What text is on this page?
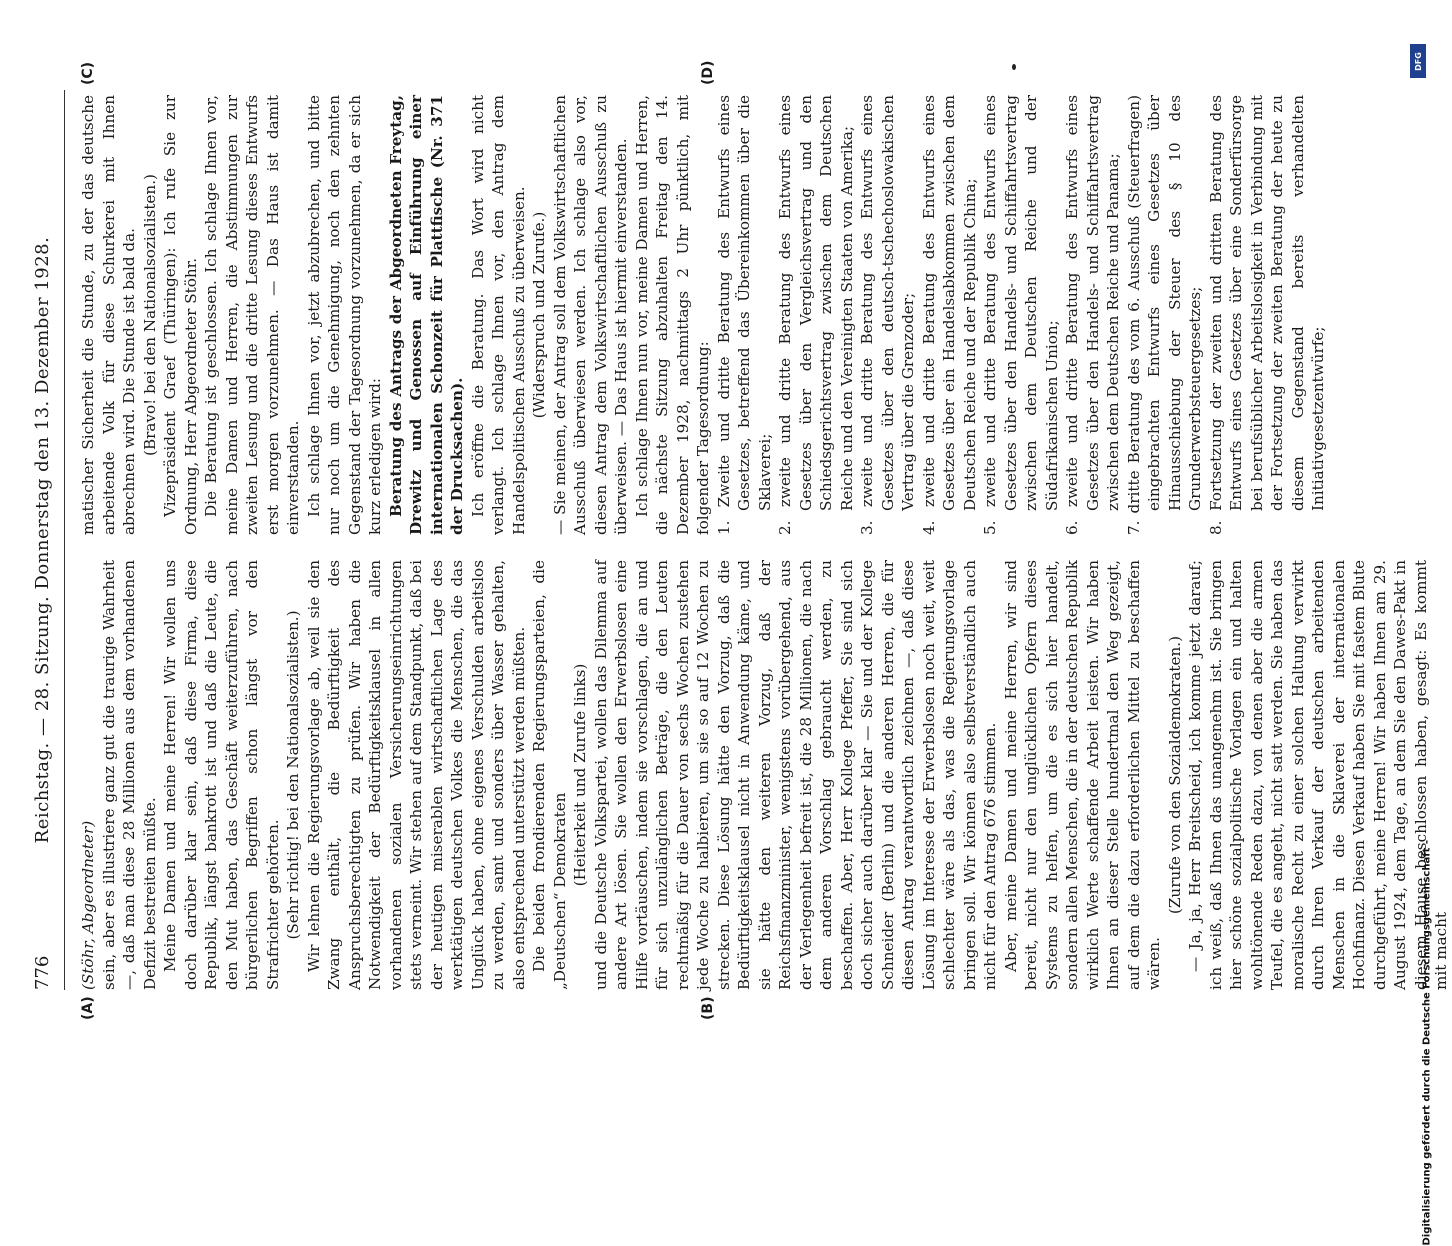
776
Reichstag. — 28. Sitzung. Donnerstag den 13. Dezember 1928.
(A)	(B)
(C)	(D)

(Stöhr, Abgeordneter) sein, aber es illustriere ganz gut die traurige Wahrheit —, daß man diese 28 Millionen aus dem vorhandenen Defizit bestreiten müßte. Meine Damen und meine Herren! Wir wollen uns doch darüber klar sein, daß diese Firma, diese Republik, längst bankrott ist und daß die Leute, die den Mut haben, das Geschäft weiterzuführen, nach bürgerlichen Begriffen schon längst vor den Strafrichter gehörten. (Sehr richtig! bei den Nationalsozialisten.) Wir lehnen die Regierungsvorlage ab, weil sie den Zwang enthält, die Bedürftigkeit des Anspruchsberechtigten zu prüfen. Wir haben die Notwendigkeit der Bedürftigkeitsklausel in allen vorhandenen sozialen Versicherungseinrichtungen stets verneint. Wir stehen auf dem Standpunkt, daß bei der heutigen miserablen wirtschaftlichen Lage des werktätigen deutschen Volkes die Menschen, die das Unglück haben, ohne eigenes Verschulden arbeitslos zu werden, samt und sonders über Wasser gehalten, also entsprechend unterstützt werden müßten. Die beiden frondierenden Regierungsparteien, die „Deutschen“ Demokraten

(Heiterkeit und Zurufe links) und die Deutsche Volkspartei, wollen das Dilemma auf andere Art lösen. Sie wollen den Erwerbslosen eine Hilfe vortäuschen, indem sie vorschlagen, die an und für sich unzulänglichen Beträge, die den Leuten rechtmäßig für die Dauer von sechs Wochen zustehen jede Woche zu halbieren, um sie so auf 12 Wochen zu strecken. Diese Lösung hätte den Vorzug, daß die Bedürftigkeitsklausel nicht in Anwendung käme, und sie hätte den weiteren Vorzug, daß der Reichsfinanzminister, wenigstens vorübergehend, aus der Verlegenheit befreit ist, die 28 Millionen, die nach dem anderen Vorschlag gebraucht werden, zu beschaffen. Aber, Herr Kollege Pfeffer, Sie sind sich doch sicher auch darüber klar — Sie und der Kollege Schneider (Berlin) und die anderen Herren, die für diesen Antrag verantwortlich zeichnen —, daß diese Lösung im Interesse der Erwerbslosen noch weit, weit schlechter wäre als das, was die Regierungsvorlage bringen soll. Wir können also selbstverständlich auch nicht für den Antrag 676 stimmen. Aber, meine Damen und meine Herren, wir sind bereit, nicht nur den unglücklichen Opfern dieses Systems zu helfen, um die es sich hier handelt, sondern allen Menschen, die in der deutschen Republik wirklich Werte schaffende Arbeit leisten. Wir haben Ihnen an dieser Stelle hundertmal den Weg gezeigt, auf dem die dazu erforderlichen Mittel zu beschaffen wären.

(Zurufe von den Sozialdemokraten.) — Ja, ja, Herr Breitscheid, ich komme jetzt darauf; ich weiß, daß Ihnen das unangenehm ist. Sie bringen hier schöne sozialpolitische Vorlagen ein und halten wohltönende Reden dazu, von denen aber die armen Teufel, die es angeht, nicht satt werden. Sie haben das moralische Recht zu einer solchen Haltung verwirkt durch Ihren Verkauf der deutschen arbeitenden Menschen in die Sklaverei der internationalen Hochfinanz. Diesen Verkauf haben Sie mit fastem Blute durchgeführt, meine Herren! Wir haben Ihnen am 29. August 1924, dem Tage, an dem Sie den Dawes-Pakt in diesem Hause beschlossen haben, gesagt: Es kommt mit macht

matischer Sicherheit die Stunde, zu der das deutsche arbeitende Volk für diese Schurkerei mit Ihnen abrechnen wird. Die Stunde ist bald da. (Bravo! bei den Nationalsozialisten.) Vizepräsident Graef (Thüringen): Ich rufe Sie zur Ordnung, Herr Abgeordneter Stöhr. Die Beratung ist geschlossen. Ich schlage Ihnen vor, meine Damen und Herren, die Abstimmungen zur zweiten Lesung und die dritte Lesung dieses Entwurfs erst morgen vorzunehmen. — Das Haus ist damit einverstanden. Ich schlage Ihnen vor, jetzt abzubrechen, und bitte nur noch um die Genehmigung, noch den zehnten Gegenstand der Tagesordnung vorzunehmen, da er sich kurz erledigen wird: Beratung des Antrags der Abgeordneten Freytag, Drewitz und Genossen auf Einführung einer internationalen Schonzeit für Plattfische (Nr. 371 der Drucksachen). Ich eröffne die Beratung. Das Wort wird nicht verlangt. Ich schlage Ihnen vor, den Antrag dem Handelspolitischen Ausschuß zu überweisen. (Widerspruch und Zurufe.) — Sie meinen, der Antrag soll dem Volkswirtschaftlichen Ausschuß überwiesen werden. Ich schlage also vor, diesen Antrag dem Volkswirtschaftlichen Ausschuß zu überweisen. — Das Haus ist hiermit einverstanden. Ich schlage Ihnen nun vor, meine Damen und Herren, die nächste Sitzung abzuhalten Freitag den 14. Dezember 1928, nachmittags 2 Uhr pünktlich, mit folgender Tagesordnung: 1. Zweite und dritte Beratung des Entwurfs eines Gesetzes, betreffend das Übereinkommen über die Sklaverei;

2. zweite und dritte Beratung des Entwurfs eines Gesetzes über den Vergleichsvertrag und den Schiedsgerichtsvertrag zwischen dem Deutschen Reiche und den Vereinigten Staaten von Amerika;

3. zweite und dritte Beratung des Entwurfs eines Gesetzes über den deutsch-tschechoslowakischen Vertrag über die Grenzoder;

4. zweite und dritte Beratung des Entwurfs eines Gesetzes über ein Handelsabkommen zwischen dem Deutschen Reiche und der Republik China;

5. zweite und dritte Beratung des Entwurfs eines Gesetzes über den Handels- und Schiffahrtsvertrag zwischen dem Deutschen Reiche und der Südafrikanischen Union;

6. zweite und dritte Beratung des Entwurfs eines Gesetzes über den Handels- und Schiffahrtsvertrag zwischen dem Deutschen Reiche und Panama;

7. dritte Beratung des vom 6. Ausschuß (Steuerfragen) eingebrachten Entwurfs eines Gesetzes über Hinausschiebung der Steuer des § 10 des Grunderwerbsteuergesetzes;

8. Fortsetzung der zweiten und dritten Beratung des Entwurfs eines Gesetzes über eine Sonderfürsorge bei berufsüblicher Arbeitslosigkeit in Verbindung mit der Fortsetzung der zweiten Beratung der heute zu diesem Gegenstand bereits verhandelten Initiativgesetzentwürfe;

DFG
Digitalisierung gefördert durch die Deutsche Forschungsgemeinschaft -
